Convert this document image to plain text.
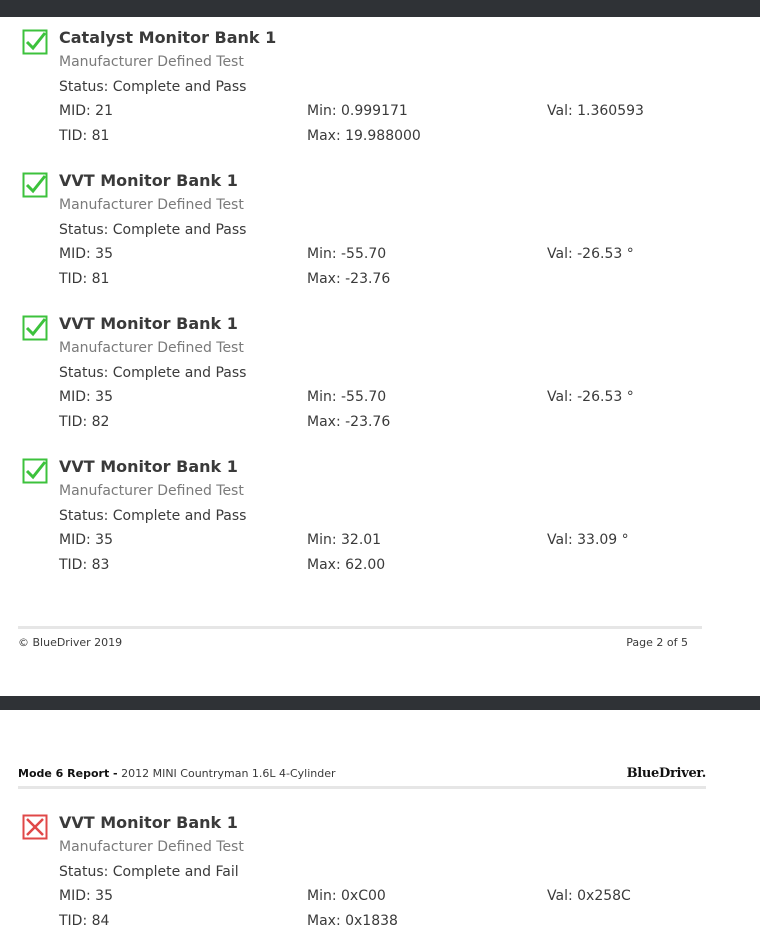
Catalyst Monitor Bank 1
Manufacturer Defined Test
Status: Complete and Pass
MID: 21
TID: 81
Min: 0.999171
Max: 19.988000
Val: 1.360593
VVT Monitor Bank 1
Manufacturer Defined Test
Status: Complete and Pass
MID: 35
TID: 81
Min: -55.70
Max: -23.76
Val: -26.53 °
VVT Monitor Bank 1
Manufacturer Defined Test
Status: Complete and Pass
MID: 35
TID: 82
Min: -55.70
Max: -23.76
Val: -26.53 °
VVT Monitor Bank 1
Manufacturer Defined Test
Status: Complete and Pass
MID: 35
TID: 83
Min: 32.01
Max: 62.00
Val: 33.09 °
© BlueDriver 2019	Page 2 of 5
Mode 6 Report - 2012 MINI Countryman 1.6L 4-Cylinder	BlueDriver.
VVT Monitor Bank 1
Manufacturer Defined Test
Status: Complete and Fail
MID: 35
TID: 84
Min: 0xC00
Max: 0x1838
Val: 0x258C
